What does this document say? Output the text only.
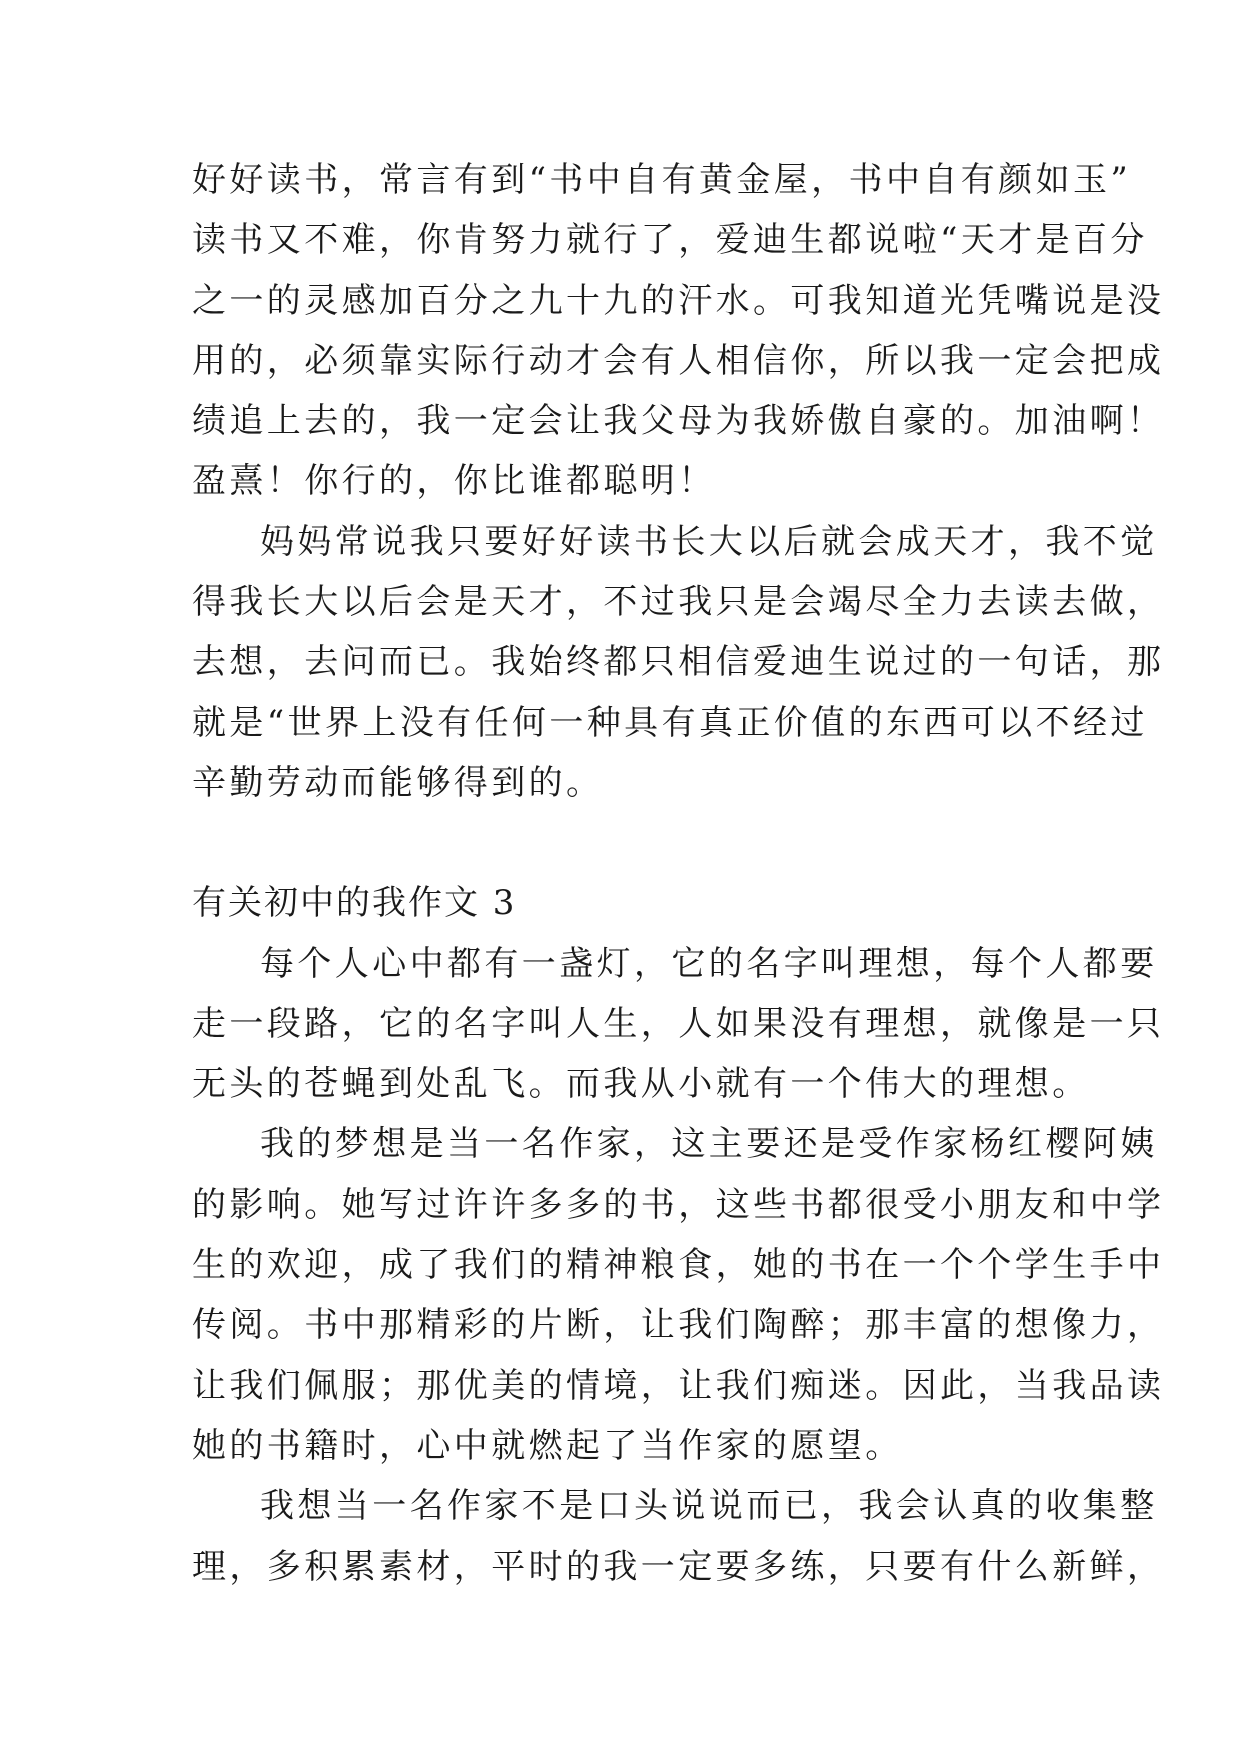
好好读书，常言有到“书中自有黄金屋，书中自有颜如玉”
读书又不难，你肯努力就行了，爱迪生都说啦“天才是百分
之一的灵感加百分之九十九的汗水。可我知道光凭嘴说是没
用的，必须靠实际行动才会有人相信你，所以我一定会把成
绩追上去的，我一定会让我父母为我娇傲自豪的。加油啊！
盈熹！你行的，你比谁都聪明！
妈妈常说我只要好好读书长大以后就会成天才，我不觉
得我长大以后会是天才，不过我只是会竭尽全力去读去做，
去想，去问而已。我始终都只相信爱迪生说过的一句话，那
就是“世界上没有任何一种具有真正价值的东西可以不经过
辛勤劳动而能够得到的。
有关初中的我作文 3
每个人心中都有一盏灯，它的名字叫理想，每个人都要
走一段路，它的名字叫人生，人如果没有理想，就像是一只
无头的苍蝇到处乱飞。而我从小就有一个伟大的理想。
我的梦想是当一名作家，这主要还是受作家杨红樱阿姨
的影响。她写过许许多多的书，这些书都很受小朋友和中学
生的欢迎，成了我们的精神粮食，她的书在一个个学生手中
传阅。书中那精彩的片断，让我们陶醉；那丰富的想像力，
让我们佩服；那优美的情境，让我们痴迷。因此，当我品读
她的书籍时，心中就燃起了当作家的愿望。
我想当一名作家不是口头说说而已，我会认真的收集整
理，多积累素材，平时的我一定要多练，只要有什么新鲜，
